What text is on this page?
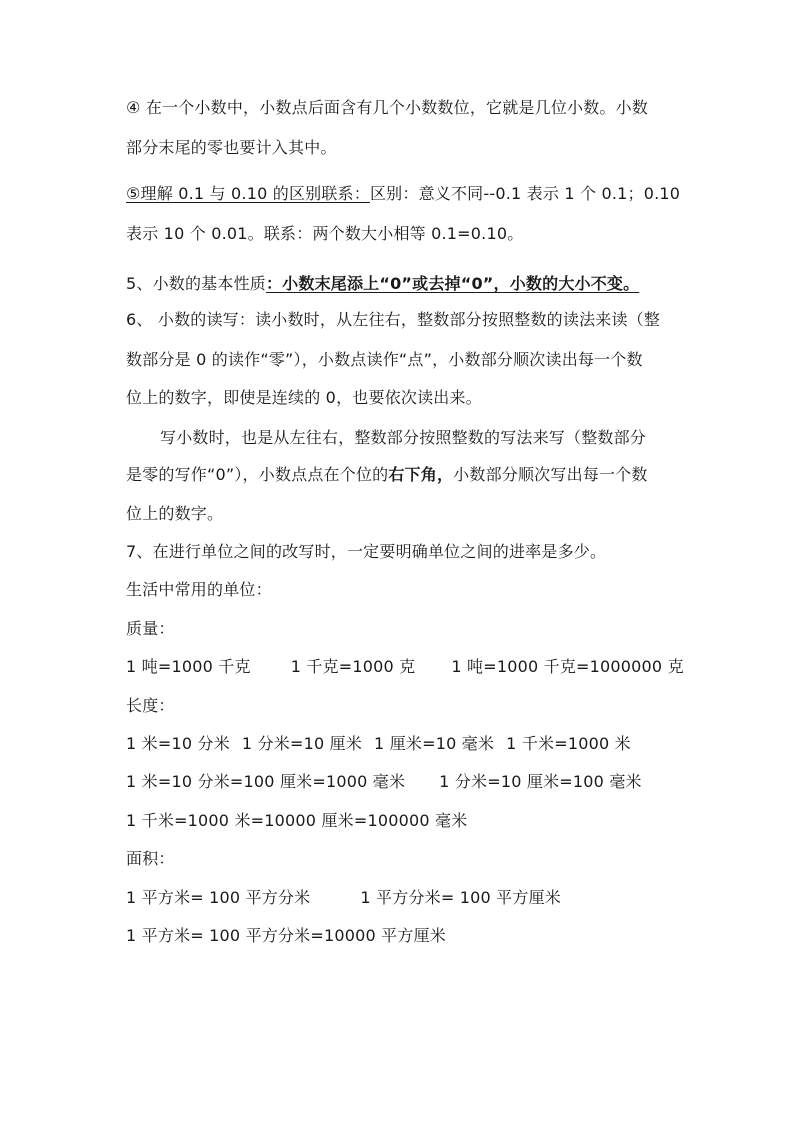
④ 在一个小数中，小数点后面含有几个小数数位，它就是几位小数。小数
部分末尾的零也要计入其中。
⑤理解 0.1 与 0.10 的区别联系：区别：意义不同--0.1 表示 1 个 0.1；0.10
表示 10 个 0.01。联系：两个数大小相等 0.1=0.10。
5、小数的基本性质：小数末尾添上“0”或去掉“0”，小数的大小不变。
6、 小数的读写：读小数时，从左往右，整数部分按照整数的读法来读（整
数部分是 0 的读作“零”），小数点读作“点”，小数部分顺次读出每一个数
位上的数字，即使是连续的 0，也要依次读出来。
写小数时，也是从左往右，整数部分按照整数的写法来写（整数部分
是零的写作“0”），小数点点在个位的右下角，小数部分顺次写出每一个数
位上的数字。
7、在进行单位之间的改写时，一定要明确单位之间的进率是多少。
生活中常用的单位：
质量：
1 吨=1000 千克	1 千克=1000 克 1 吨=1000 千克=1000000 克
长度：
1 米=10 分米 1 分米=10 厘米 1 厘米=10 毫米 1 千米=1000 米
1 米=10 分米=100 厘米=1000 毫米 1 分米=10 厘米=100 毫米
1 千米=1000 米=10000 厘米=100000 毫米
面积：
1 平方米= 100 平方分米	1 平方分米= 100 平方厘米
1 平方米= 100 平方分米=10000 平方厘米
